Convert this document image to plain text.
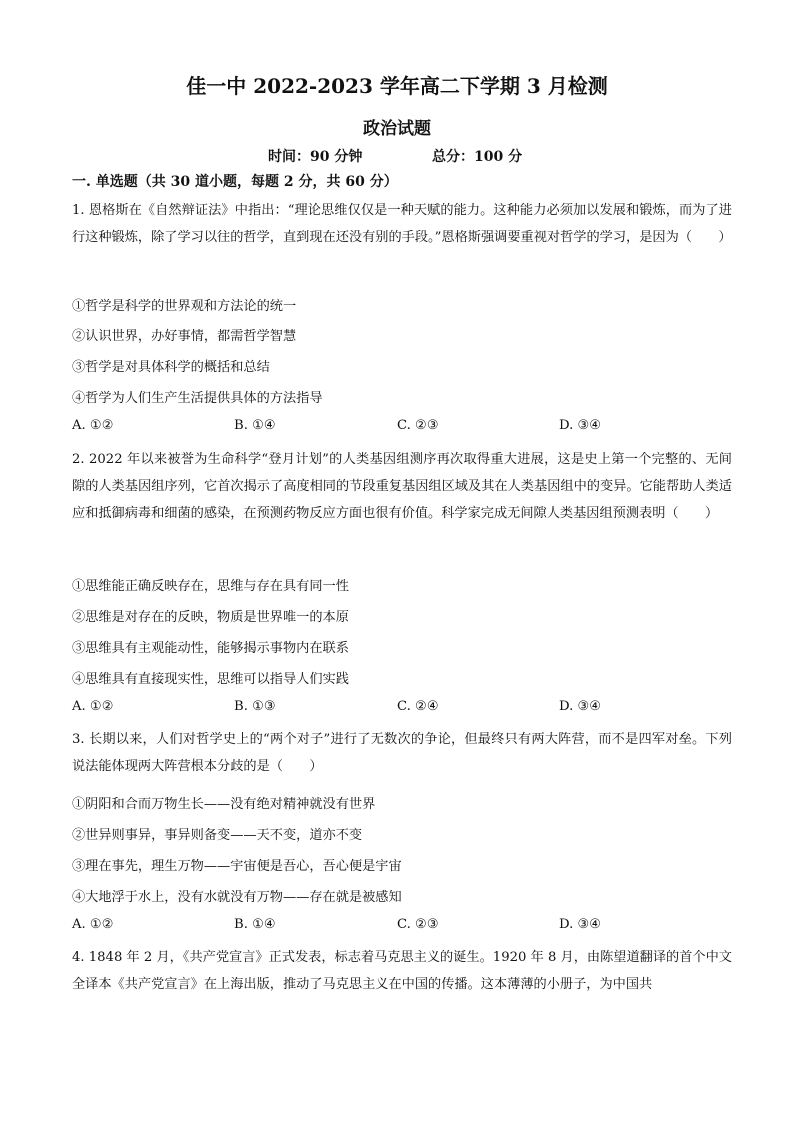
佳一中 2022-2023 学年高二下学期 3 月检测
政治试题
时间：90 分钟	总分：100 分
一. 单选题（共 30 道小题，每题 2 分，共 60 分）
1. 恩格斯在《自然辩证法》中指出：“理论思维仅仅是一种天赋的能力。这种能力必须加以发展和锻炼，而为了进行这种锻炼，除了学习以往的哲学，直到现在还没有别的手段。”恩格斯强调要重视对哲学的学习，是因为（　　）
①哲学是科学的世界观和方法论的统一
②认识世界，办好事情，都需哲学智慧
③哲学是对具体科学的概括和总结
④哲学为人们生产生活提供具体的方法指导
A. ①②	B. ①④	C. ②③	D. ③④
2. 2022 年以来被誉为生命科学“登月计划”的人类基因组测序再次取得重大进展，这是史上第一个完整的、无间隙的人类基因组序列，它首次揭示了高度相同的节段重复基因组区域及其在人类基因组中的变异。它能帮助人类适应和抵御病毒和细菌的感染，在预测药物反应方面也很有价值。科学家完成无间隙人类基因组预测表明（　　）
①思维能正确反映存在，思维与存在具有同一性
②思维是对存在的反映，物质是世界唯一的本原
③思维具有主观能动性，能够揭示事物内在联系
④思维具有直接现实性，思维可以指导人们实践
A. ①②	B. ①③	C. ②④	D. ③④
3. 长期以来，人们对哲学史上的“两个对子”进行了无数次的争论，但最终只有两大阵营，而不是四军对垒。下列说法能体现两大阵营根本分歧的是（　　）
①阴阳和合而万物生长——没有绝对精神就没有世界
②世异则事异，事异则备变——天不变，道亦不变
③理在事先，理生万物——宇宙便是吾心，吾心便是宇宙
④大地浮于水上，没有水就没有万物——存在就是被感知
A. ①②	B. ①④	C. ②③	D. ③④
4. 1848 年 2 月，《共产党宣言》正式发表，标志着马克思主义的诞生。1920 年 8 月，由陈望道翻译的首个中文全译本《共产党宣言》在上海出版，推动了马克思主义在中国的传播。这本薄薄的小册子，为中国共
